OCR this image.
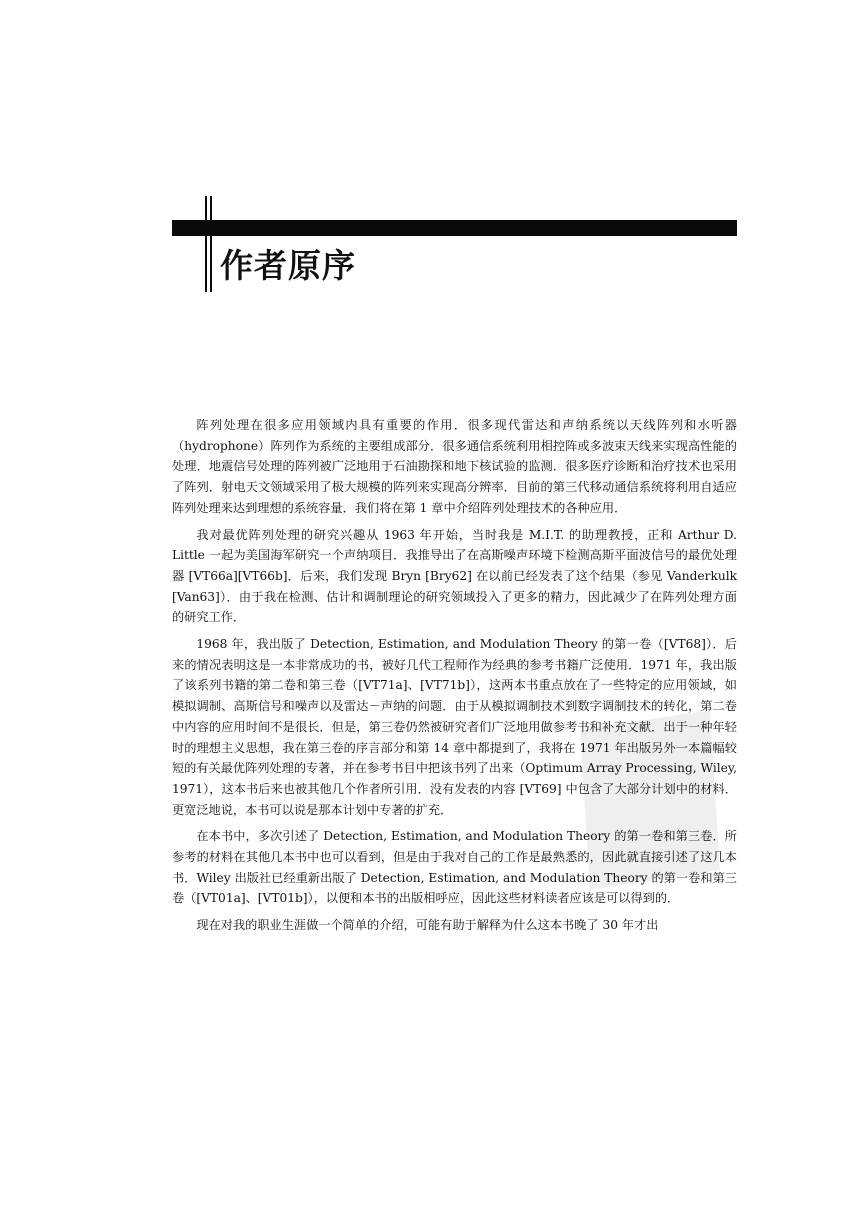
作者原序

阵列处理在很多应用领域内具有重要的作用．很多现代雷达和声纳系统以天线阵列和水听器（hydrophone）阵列作为系统的主要组成部分．很多通信系统利用相控阵或多波束天线来实现高性能的处理．地震信号处理的阵列被广泛地用于石油勘探和地下核试验的监测．很多医疗诊断和治疗技术也采用了阵列．射电天文领域采用了极大规模的阵列来实现高分辨率．目前的第三代移动通信系统将利用自适应阵列处理来达到理想的系统容量．我们将在第 1 章中介绍阵列处理技术的各种应用．

我对最优阵列处理的研究兴趣从 1963 年开始，当时我是 M.I.T. 的助理教授，正和 Arthur D. Little 一起为美国海军研究一个声纳项目．我推导出了在高斯噪声环境下检测高斯平面波信号的最优处理器 [VT66a][VT66b]．后来，我们发现 Bryn [Bry62] 在以前已经发表了这个结果（参见 Vanderkulk [Van63]）．由于我在检测、估计和调制理论的研究领域投入了更多的精力，因此减少了在阵列处理方面的研究工作．

1968 年，我出版了 Detection, Estimation, and Modulation Theory 的第一卷（[VT68]）．后来的情况表明这是一本非常成功的书，被好几代工程师作为经典的参考书籍广泛使用．1971 年，我出版了该系列书籍的第二卷和第三卷（[VT71a]、[VT71b]），这两本书重点放在了一些特定的应用领域，如模拟调制、高斯信号和噪声以及雷达－声纳的问题．由于从模拟调制技术到数字调制技术的转化，第二卷中内容的应用时间不是很长．但是，第三卷仍然被研究者们广泛地用做参考书和补充文献．出于一种年轻时的理想主义思想，我在第三卷的序言部分和第 14 章中都提到了，我将在 1971 年出版另外一本篇幅较短的有关最优阵列处理的专著，并在参考书目中把该书列了出来（Optimum Array Processing, Wiley, 1971），这本书后来也被其他几个作者所引用．没有发表的内容 [VT69] 中包含了大部分计划中的材料．更宽泛地说，本书可以说是那本计划中专著的扩充．

在本书中，多次引述了 Detection, Estimation, and Modulation Theory 的第一卷和第三卷．所参考的材料在其他几本书中也可以看到，但是由于我对自己的工作是最熟悉的，因此就直接引述了这几本书．Wiley 出版社已经重新出版了 Detection, Estimation, and Modulation Theory 的第一卷和第三卷（[VT01a]、[VT01b]），以便和本书的出版相呼应，因此这些材料读者应该是可以得到的．

现在对我的职业生涯做一个简单的介绍，可能有助于解释为什么这本书晚了 30 年才出
